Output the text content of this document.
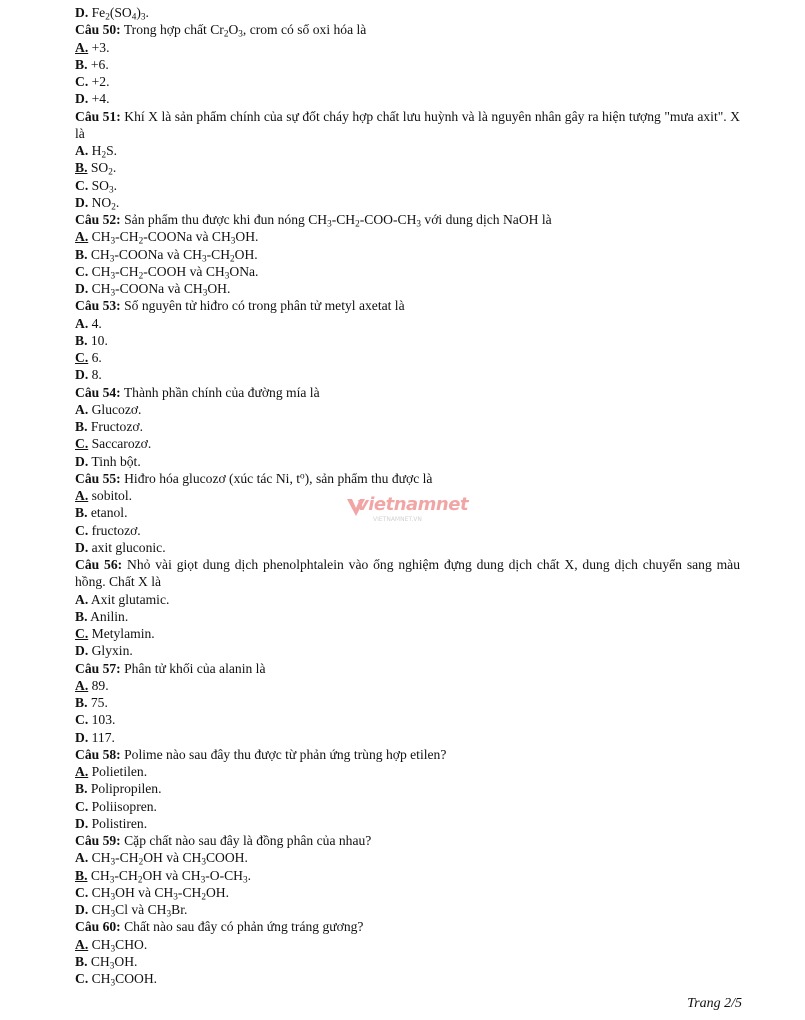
D. $Fe_2(SO_4)_3$.
Câu 50: Trong hợp chất $Cr_2O_3$, crom có số oxi hóa là
A. +3.
B. +6.
C. +2.
D. +4.
Câu 51: Khí X là sản phẩm chính của sự đốt cháy hợp chất lưu huỳnh và là nguyên nhân gây ra hiện tượng "mưa axit". X là
A. $H_2S$.
B. $SO_2$.
C. $SO_3$.
D. $NO_2$.
Câu 52: Sản phẩm thu được khi đun nóng $CH_3-CH_2-COO-CH_3$ với dung dịch NaOH là
A. $CH_3-CH_2$-COONa và $CH_3OH$.
B. $CH_3$-COONa và $CH_3-CH_2OH$.
C. $CH_3-CH_2$-COOH và $CH_3ONa$.
D. $CH_3$-COONa và $CH_3OH$.
Câu 53: Số nguyên tử hiđro có trong phân tử metyl axetat là
A. 4.
B. 10.
C. 6.
D. 8.
Câu 54: Thành phần chính của đường mía là
A. Glucozơ.
B. Fructozơ.
C. Saccarozơ.
D. Tinh bột.
Câu 55: Hiđro hóa glucozơ (xúc tác Ni, $t^o$), sản phẩm thu được là
A. sobitol.
B. etanol.
C. fructozơ.
D. axit gluconic.
Câu 56: Nhỏ vài giọt dung dịch phenolphtalein vào ống nghiệm đựng dung dịch chất X, dung dịch chuyển sang màu hồng. Chất X là
A. Axit glutamic.
B. Anilin.
C. Metylamin.
D. Glyxin.
Câu 57: Phân tử khối của alanin là
A. 89.
B. 75.
C. 103.
D. 117.
Câu 58: Polime nào sau đây thu được từ phản ứng trùng hợp etilen?
A. Polietilen.
B. Polipropilen.
C. Poliisopren.
D. Polistiren.
Câu 59: Cặp chất nào sau đây là đồng phân của nhau?
A. $CH_3-CH_2OH$ và $CH_3COOH$.
B. $CH_3-CH_2OH$ và $CH_3-O-CH_3$.
C. $CH_3OH$ và $CH_3-CH_2OH$.
D. $CH_3Cl$ và $CH_3Br$.
Câu 60: Chất nào sau đây có phản ứng tráng gương?
A. $CH_3CHO$.
B. $CH_3OH$.
C. $CH_3COOH$.
vietnamnet
VIETNAMNET.VN
Trang 2/5
